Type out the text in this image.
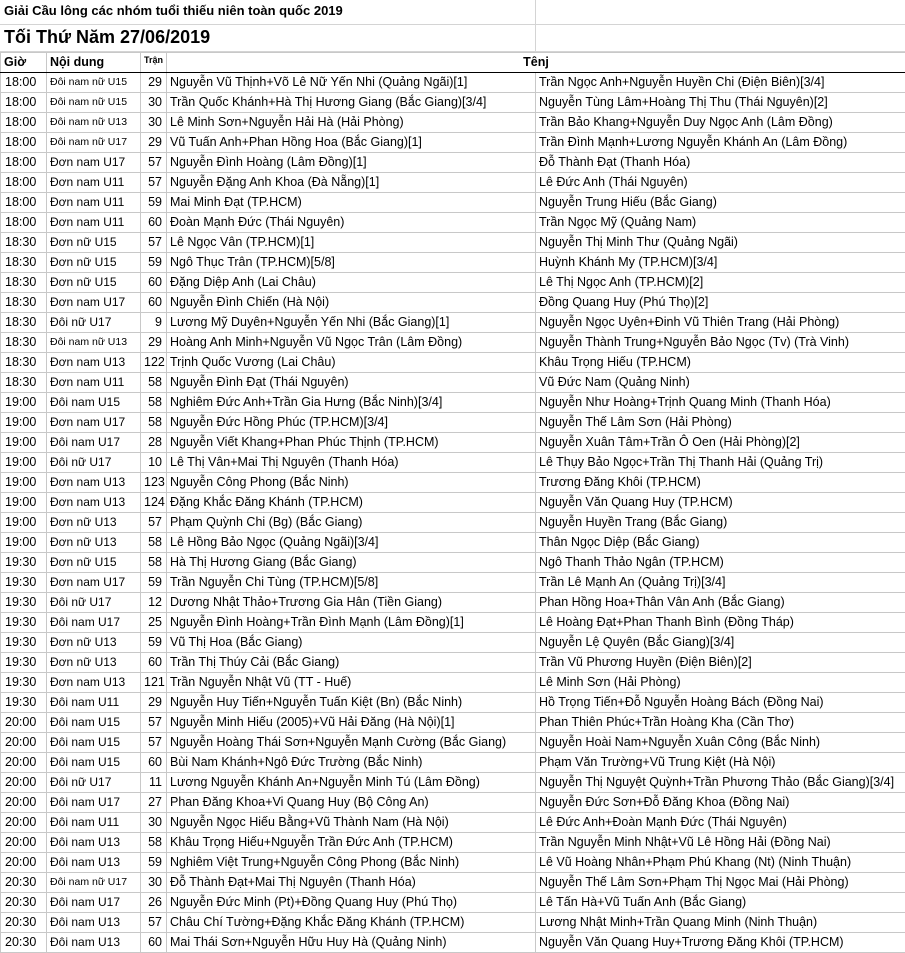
Giải Cầu lông các nhóm tuổi thiếu niên toàn quốc 2019
Tối Thứ Năm 27/06/2019
Giờ	Nội dung	Trận	Tênj	
18:00	Đôi nam nữ U15	29	Nguyễn Vũ Thịnh+Võ Lê Nữ Yến Nhi (Quảng Ngãi)[1]	Trần Ngọc Anh+Nguyễn Huyền Chi (Điện Biên)[3/4]
18:00	Đôi nam nữ U15	30	Trần Quốc Khánh+Hà Thị Hương Giang (Bắc Giang)[3/4]	Nguyễn Tùng Lâm+Hoàng Thị Thu (Thái Nguyên)[2]
18:00	Đôi nam nữ U13	30	Lê Minh Sơn+Nguyễn Hải Hà (Hải Phòng)	Trần Bảo Khang+Nguyễn Duy Ngọc Anh (Lâm Đồng)
18:00	Đôi nam nữ U17	29	Vũ Tuấn Anh+Phan Hồng Hoa (Bắc Giang)[1]	Trần Đình Mạnh+Lương Nguyễn Khánh An (Lâm Đồng)
18:00	Đơn nam U17	57	Nguyễn Đình Hoàng (Lâm Đồng)[1]	Đỗ Thành Đạt (Thanh Hóa)
18:00	Đơn nam U11	57	Nguyễn Đặng Anh Khoa (Đà Nẵng)[1]	Lê Đức Anh (Thái Nguyên)
18:00	Đơn nam U11	59	Mai Minh Đạt (TP.HCM)	Nguyễn Trung Hiếu (Bắc Giang)
18:00	Đơn nam U11	60	Đoàn Mạnh Đức (Thái Nguyên)	Trần Ngọc Mỹ (Quảng Nam)
18:30	Đơn nữ U15	57	Lê Ngọc Vân (TP.HCM)[1]	Nguyễn Thị Minh Thư (Quảng Ngãi)
18:30	Đơn nữ U15	59	Ngô Thục Trân (TP.HCM)[5/8]	Huỳnh Khánh My (TP.HCM)[3/4]
18:30	Đơn nữ U15	60	Đặng Diệp Anh (Lai Châu)	Lê Thị Ngọc Anh (TP.HCM)[2]
18:30	Đơn nam U17	60	Nguyễn Đình Chiến (Hà Nội)	Đồng Quang Huy (Phú Thọ)[2]
18:30	Đôi nữ U17	9	Lương Mỹ Duyên+Nguyễn Yến Nhi (Bắc Giang)[1]	Nguyễn Ngọc Uyên+Đinh Vũ Thiên Trang (Hải Phòng)
18:30	Đôi nam nữ U13	29	Hoàng Anh Minh+Nguyễn Vũ Ngọc Trân (Lâm Đồng)	Nguyễn Thành Trung+Nguyễn Bảo Ngọc (Tv) (Trà Vinh)
18:30	Đơn nam U13	122	Trịnh Quốc Vương (Lai Châu)	Khâu Trọng Hiếu (TP.HCM)
18:30	Đơn nam U11	58	Nguyễn Đình Đạt (Thái Nguyên)	Vũ Đức Nam (Quảng Ninh)
19:00	Đôi nam U15	58	Nghiêm Đức Anh+Trần Gia Hưng (Bắc Ninh)[3/4]	Nguyễn Như Hoàng+Trịnh Quang Minh (Thanh Hóa)
19:00	Đơn nam U17	58	Nguyễn Đức Hồng Phúc (TP.HCM)[3/4]	Nguyễn Thế Lâm Sơn (Hải Phòng)
19:00	Đôi nam U17	28	Nguyễn Viết Khang+Phan Phúc Thịnh (TP.HCM)	Nguyễn Xuân Tâm+Trần Ô Oen (Hải Phòng)[2]
19:00	Đôi nữ U17	10	Lê Thị Vân+Mai Thị Nguyên (Thanh Hóa)	Lê Thụy Bảo Ngọc+Trần Thị Thanh Hải (Quảng Trị)
19:00	Đơn nam U13	123	Nguyễn Công Phong (Bắc Ninh)	Trương Đăng Khôi (TP.HCM)
19:00	Đơn nam U13	124	Đặng Khắc Đăng Khánh (TP.HCM)	Nguyễn Văn Quang Huy (TP.HCM)
19:00	Đơn nữ U13	57	Phạm Quỳnh Chi (Bg) (Bắc Giang)	Nguyễn Huyền Trang (Bắc Giang)
19:00	Đơn nữ U13	58	Lê Hồng Bảo Ngọc (Quảng Ngãi)[3/4]	Thân Ngọc Diệp (Bắc Giang)
19:30	Đơn nữ U15	58	Hà Thị Hương Giang (Bắc Giang)	Ngô Thanh Thảo Ngân (TP.HCM)
19:30	Đơn nam U17	59	Trần Nguyễn Chi Tùng (TP.HCM)[5/8]	Trần Lê Mạnh An (Quảng Trị)[3/4]
19:30	Đôi nữ U17	12	Dương Nhật Thảo+Trương Gia Hân (Tiền Giang)	Phan Hồng Hoa+Thân Vân Anh (Bắc Giang)
19:30	Đôi nam U17	25	Nguyễn Đình Hoàng+Trần Đình Mạnh (Lâm Đồng)[1]	Lê Hoàng Đạt+Phan Thanh Bình (Đồng Tháp)
19:30	Đơn nữ U13	59	Vũ Thị Hoa (Bắc Giang)	Nguyễn Lệ Quyên (Bắc Giang)[3/4]
19:30	Đơn nữ U13	60	Trần Thị Thúy Cải (Bắc Giang)	Trần Vũ Phương Huyền (Điện Biên)[2]
19:30	Đơn nam U13	121	Trần Nguyễn Nhật Vũ (TT - Huế)	Lê Minh Sơn (Hải Phòng)
19:30	Đôi nam U11	29	Nguyễn Huy Tiến+Nguyễn Tuấn Kiệt (Bn) (Bắc Ninh)	Hồ Trọng Tiến+Đỗ Nguyễn Hoàng Bách (Đồng Nai)
20:00	Đôi nam U15	57	Nguyễn Minh Hiếu (2005)+Vũ Hải Đăng (Hà Nội)[1]	Phan Thiên Phúc+Trần Hoàng Kha (Cần Thơ)
20:00	Đôi nam U15	57	Nguyễn Hoàng Thái Sơn+Nguyễn Mạnh Cường (Bắc Giang)	Nguyễn Hoài Nam+Nguyễn Xuân Công (Bắc Ninh)
20:00	Đôi nam U15	60	Bùi Nam Khánh+Ngô Đức Trường (Bắc Ninh)	Phạm Văn Trường+Vũ Trung Kiệt (Hà Nội)
20:00	Đôi nữ U17	11	Lương Nguyễn Khánh An+Nguyễn Minh Tú (Lâm Đồng)	Nguyễn Thị Nguyệt Quỳnh+Trần Phương Thảo (Bắc Giang)[3/4]
20:00	Đôi nam U17	27	Phan Đăng Khoa+Vi Quang Huy (Bộ Công An)	Nguyễn Đức Sơn+Đỗ Đăng Khoa (Đồng Nai)
20:00	Đôi nam U11	30	Nguyễn Ngọc Hiếu Bằng+Vũ Thành Nam (Hà Nội)	Lê Đức Anh+Đoàn Mạnh Đức (Thái Nguyên)
20:00	Đôi nam U13	58	Khâu Trọng Hiếu+Nguyễn Trần Đức Anh (TP.HCM)	Trần Nguyễn Minh Nhật+Vũ Lê Hồng Hải (Đồng Nai)
20:00	Đôi nam U13	59	Nghiêm Việt Trung+Nguyễn Công Phong (Bắc Ninh)	Lê Vũ Hoàng Nhân+Phạm Phú Khang (Nt) (Ninh Thuận)
20:30	Đôi nam nữ U17	30	Đỗ Thành Đạt+Mai Thị Nguyên (Thanh Hóa)	Nguyễn Thế Lâm Sơn+Phạm Thị Ngọc Mai (Hải Phòng)
20:30	Đôi nam U17	26	Nguyễn Đức Minh (Pt)+Đồng Quang Huy (Phú Thọ)	Lê Tấn Hà+Vũ Tuấn Anh (Bắc Giang)
20:30	Đôi nam U13	57	Châu Chí Tường+Đặng Khắc Đăng Khánh (TP.HCM)	Lương Nhật Minh+Trần Quang Minh (Ninh Thuận)
20:30	Đôi nam U13	60	Mai Thái Sơn+Nguyễn Hữu Huy Hà (Quảng Ninh)	Nguyễn Văn Quang Huy+Trương Đăng Khôi (TP.HCM)
